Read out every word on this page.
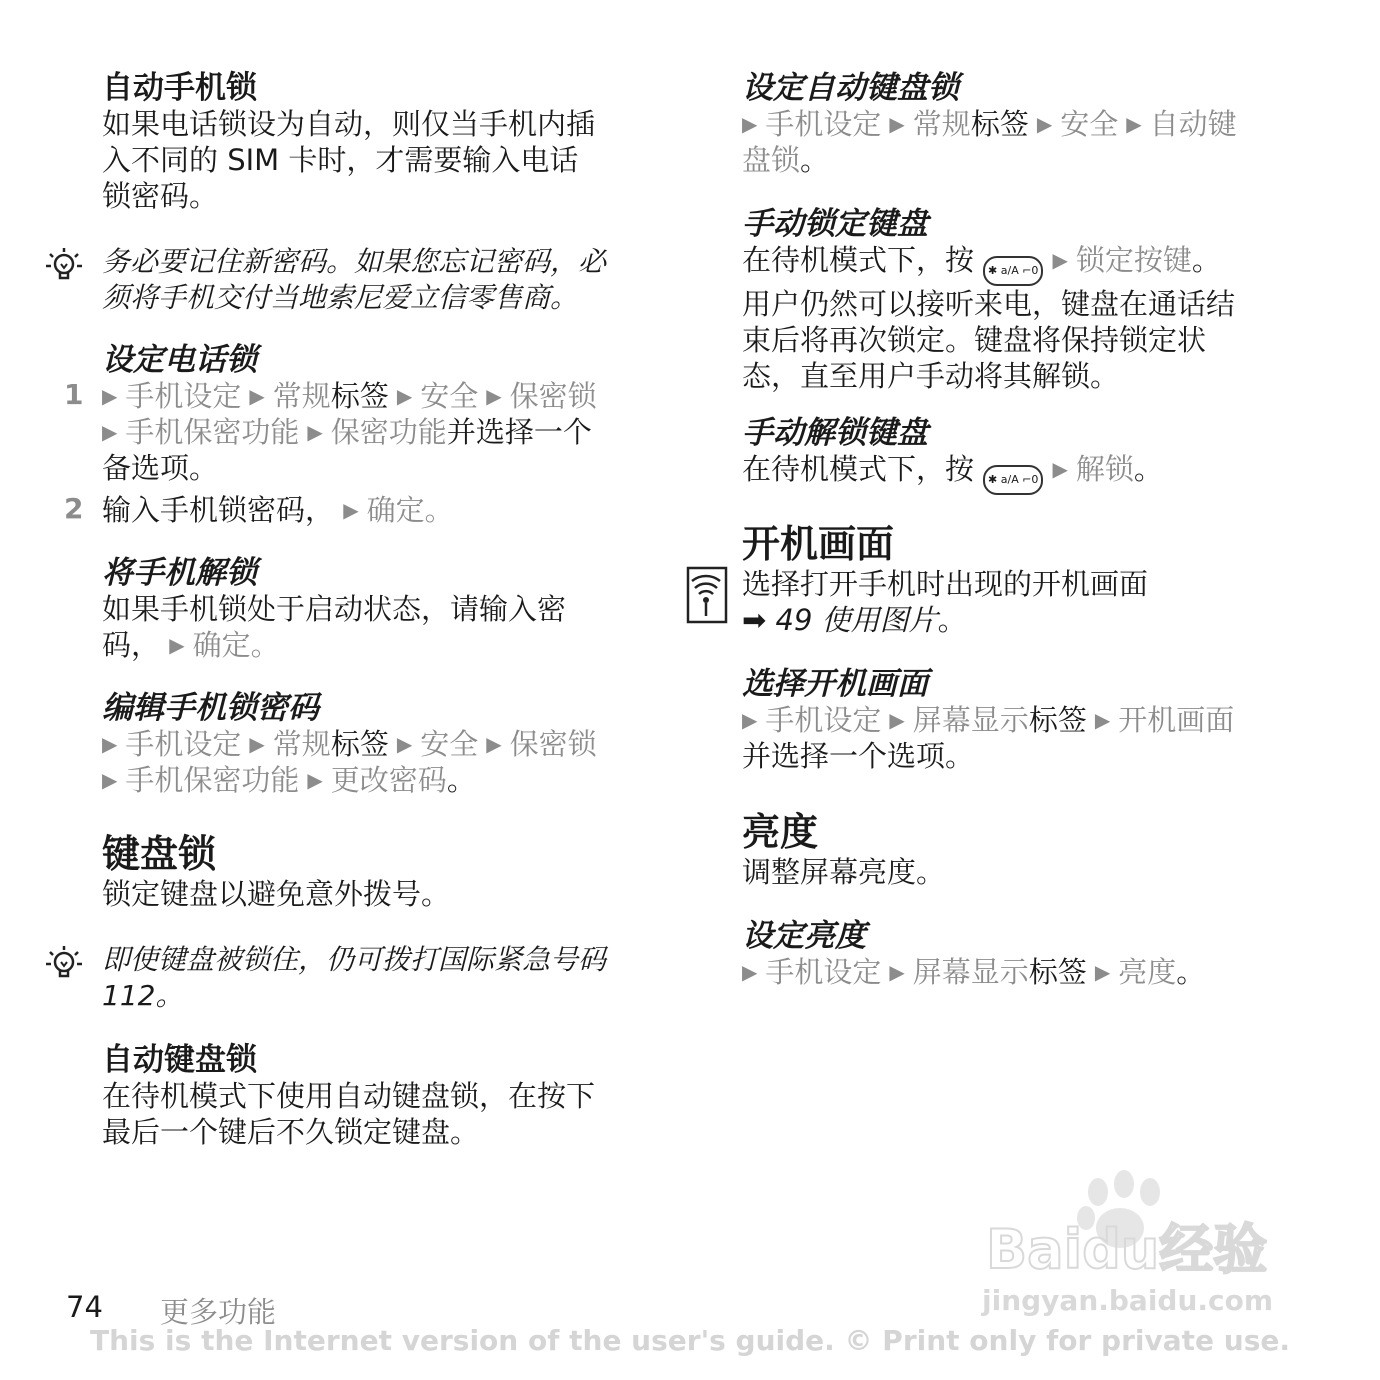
自动手机锁
如果电话锁设为自动，则仅当手机内插
入不同的 SIM 卡时，才需要输入电话
锁密码。
务必要记住新密码。如果您忘记密码，必
须将手机交付当地索尼爱立信零售商。
设定电话锁
1 ▶ 手机设定 ▶ 常规标签 ▶ 安全 ▶ 保密锁
▶ 手机保密功能 ▶ 保密功能并选择一个
备选项。
2 输入手机锁密码， ▶ 确定。
将手机解锁
如果手机锁处于启动状态，请输入密
码， ▶ 确定。
编辑手机锁密码
▶ 手机设定 ▶ 常规标签 ▶ 安全 ▶ 保密锁
▶ 手机保密功能 ▶ 更改密码。
键盘锁
锁定键盘以避免意外拨号。
即使键盘被锁住，仍可拨打国际紧急号码
112。
自动键盘锁
在待机模式下使用自动键盘锁，在按下
最后一个键后不久锁定键盘。
设定自动键盘锁
▶ 手机设定 ▶ 常规标签 ▶ 安全 ▶ 自动键
盘锁。
手动锁定键盘
在待机模式下，按 ✱ a/A ⌐0 ▶ 锁定按键。
用户仍然可以接听来电，键盘在通话结
束后将再次锁定。键盘将保持锁定状
态，直至用户手动将其解锁。
手动解锁键盘
在待机模式下，按 ✱ a/A ⌐0 ▶ 解锁。
开机画面
选择打开手机时出现的开机画面
➡ 49 使用图片。
选择开机画面
▶ 手机设定 ▶ 屏幕显示标签 ▶ 开机画面
并选择一个选项。
亮度
调整屏幕亮度。
设定亮度
▶ 手机设定 ▶ 屏幕显示标签 ▶ 亮度。
Baidu经验
jingyan.baidu.com
74 更多功能
This is the Internet version of the user's guide. © Print only for private use.
